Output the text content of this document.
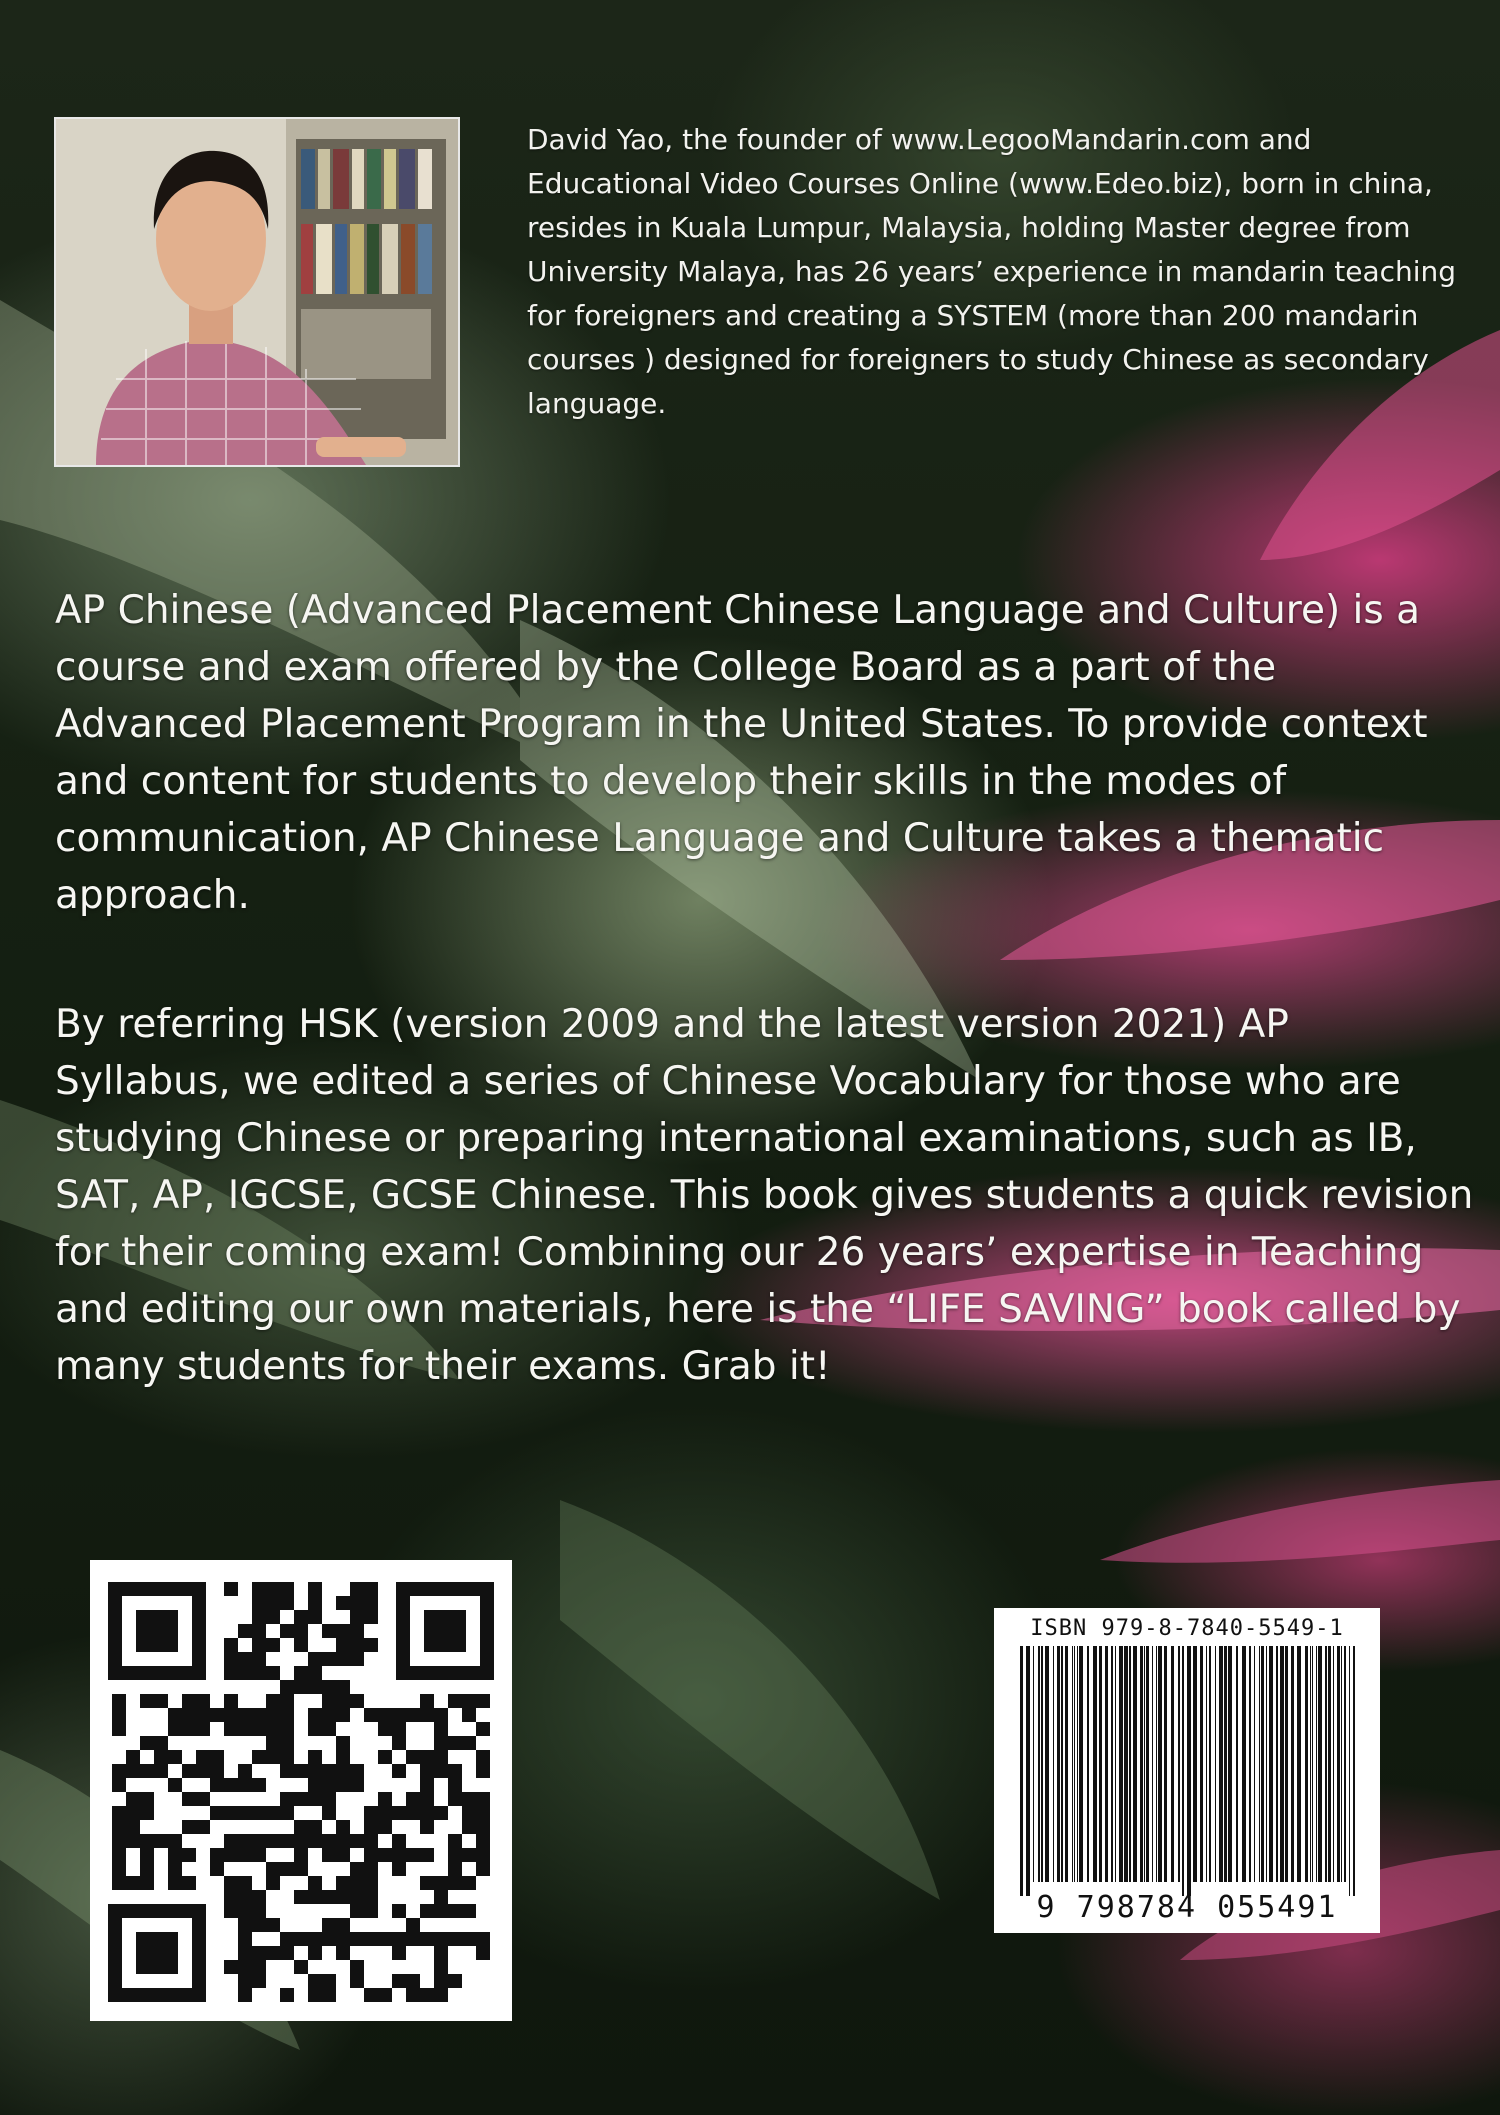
David Yao, the founder of www.LegooMandarin.com and Educational Video Courses Online (www.Edeo.biz), born in china, resides in Kuala Lumpur, Malaysia, holding Master degree from University Malaya, has 26 years’ experience in mandarin teaching for foreigners and creating a SYSTEM (more than 200 mandarin courses ) designed for foreigners to study Chinese as secondary language.

AP Chinese (Advanced Placement Chinese Language and Culture) is a course and exam offered by the College Board as a part of the Advanced Placement Program in the United States. To provide context and content for students to develop their skills in the modes of communication, AP Chinese Language and Culture takes a thematic approach.

By referring HSK (version 2009 and the latest version 2021) AP Syllabus, we edited a series of Chinese Vocabulary for those who are studying Chinese or preparing international examinations, such as IB, SAT, AP, IGCSE, GCSE Chinese. This book gives students a quick revision for their coming exam! Combining our 26 years’ expertise in Teaching and editing our own materials, here is the “LIFE SAVING” book called by many students for their exams. Grab it!

ISBN 979-8-7840-5549-1
9 798784 055491
